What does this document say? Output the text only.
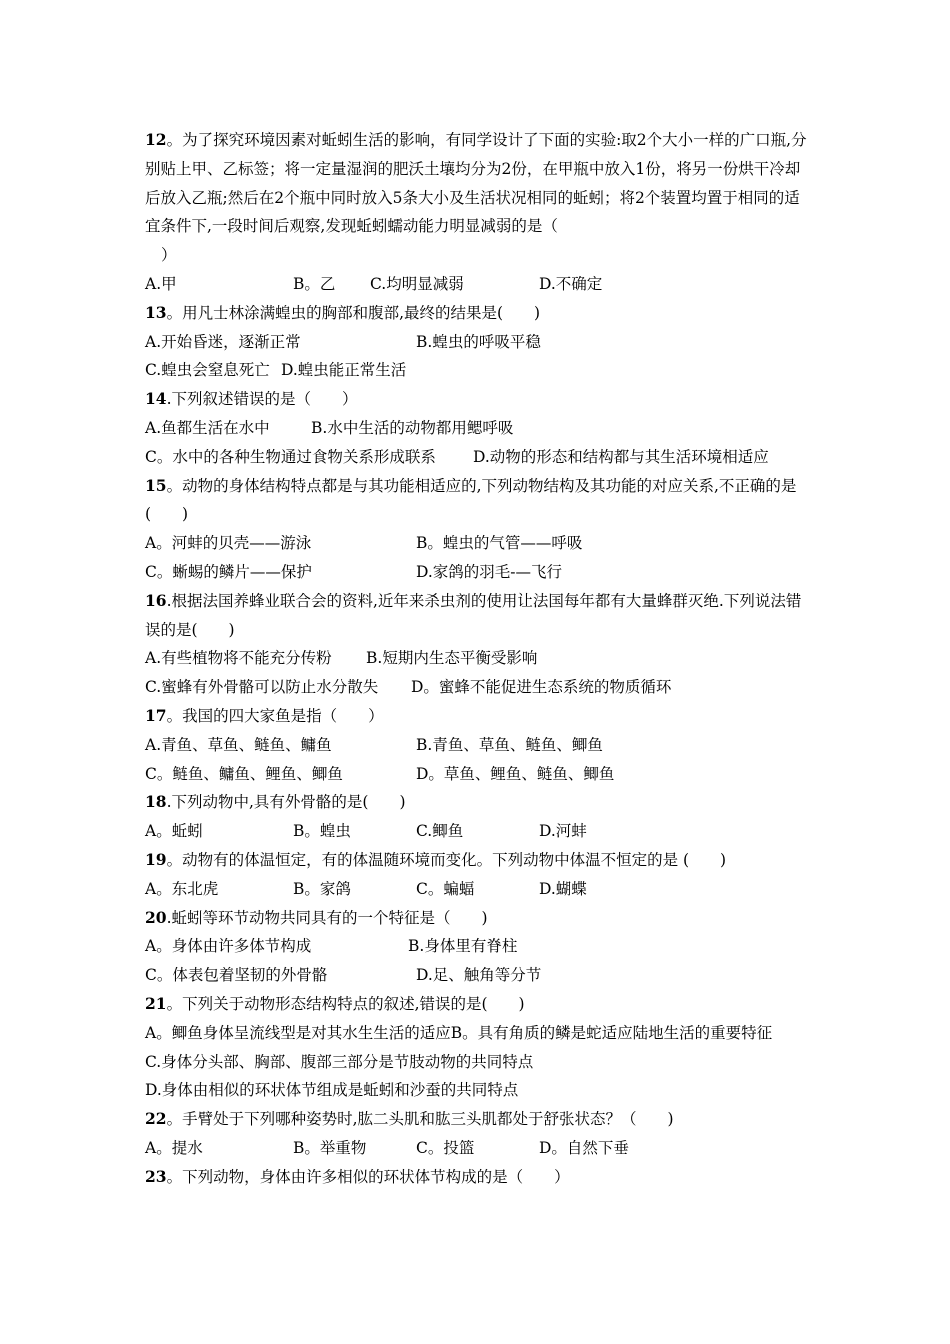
12。为了探究环境因素对蚯蚓生活的影响，有同学设计了下面的实验:取2个大小一样的广口瓶,分别贴上甲、乙标签；将一定量湿润的肥沃土壤均分为2份，在甲瓶中放入1份，将另一份烘干冷却后放入乙瓶;然后在2个瓶中同时放入5条大小及生活状况相同的蚯蚓；将2个装置均置于相同的适宜条件下,一段时间后观察,发现蚯蚓蠕动能力明显减弱的是（
）
A.甲	B。乙 C.均明显减弱	D.不确定
13。用凡士林涂满蝗虫的胸部和腹部,最终的结果是(　　)
A.开始昏迷，逐渐正常	B.蝗虫的呼吸平稳
C.蝗虫会窒息死亡 D.蝗虫能正常生活
14.下列叙述错误的是（　　）
A.鱼都生活在水中	B.水中生活的动物都用鳃呼吸
C。水中的各种生物通过食物关系形成联系 D.动物的形态和结构都与其生活环境相适应
15。动物的身体结构特点都是与其功能相适应的,下列动物结构及其功能的对应关系,不正确的是　　　　　　(　　)
A。河蚌的贝壳——游泳	B。蝗虫的气管——呼吸
C。蜥蜴的鳞片——保护	D.家鸽的羽毛-—飞行
16.根据法国养蜂业联合会的资料,近年来杀虫剂的使用让法国每年都有大量蜂群灭绝.下列说法错误的是(　　)
A.有些植物将不能充分传粉 B.短期内生态平衡受影响
C.蜜蜂有外骨骼可以防止水分散失 D。蜜蜂不能促进生态系统的物质循环
17。我国的四大家鱼是指（　　）
A.青鱼、草鱼、鲢鱼、鳙鱼	B.青鱼、草鱼、鲢鱼、鲫鱼
C。鲢鱼、鳙鱼、鲤鱼、鲫鱼	D。草鱼、鲤鱼、鲢鱼、鲫鱼
18.下列动物中,具有外骨骼的是(　　)
A。蚯蚓	B。蝗虫	C.鲫鱼	D.河蚌
19。动物有的体温恒定，有的体温随环境而变化。下列动物中体温不恒定的是 (　　)
A。东北虎	B。家鸽	C。蝙蝠	D.蝴蝶
20.蚯蚓等环节动物共同具有的一个特征是（　　)
A。身体由许多体节构成	B.身体里有脊柱
C。体表包着坚韧的外骨骼	D.足、触角等分节
21。下列关于动物形态结构特点的叙述,错误的是(　　)
A。鲫鱼身体呈流线型是对其水生生活的适应B。具有角质的鳞是蛇适应陆地生活的重要特征
C.身体分头部、胸部、腹部三部分是节肢动物的共同特点
D.身体由相似的环状体节组成是蚯蚓和沙蚕的共同特点
22。手臂处于下列哪种姿势时,肱二头肌和肱三头肌都处于舒张状态？（　　)
A。提水	B。举重物	C。投篮	D。自然下垂
23。下列动物，身体由许多相似的环状体节构成的是（　　）
